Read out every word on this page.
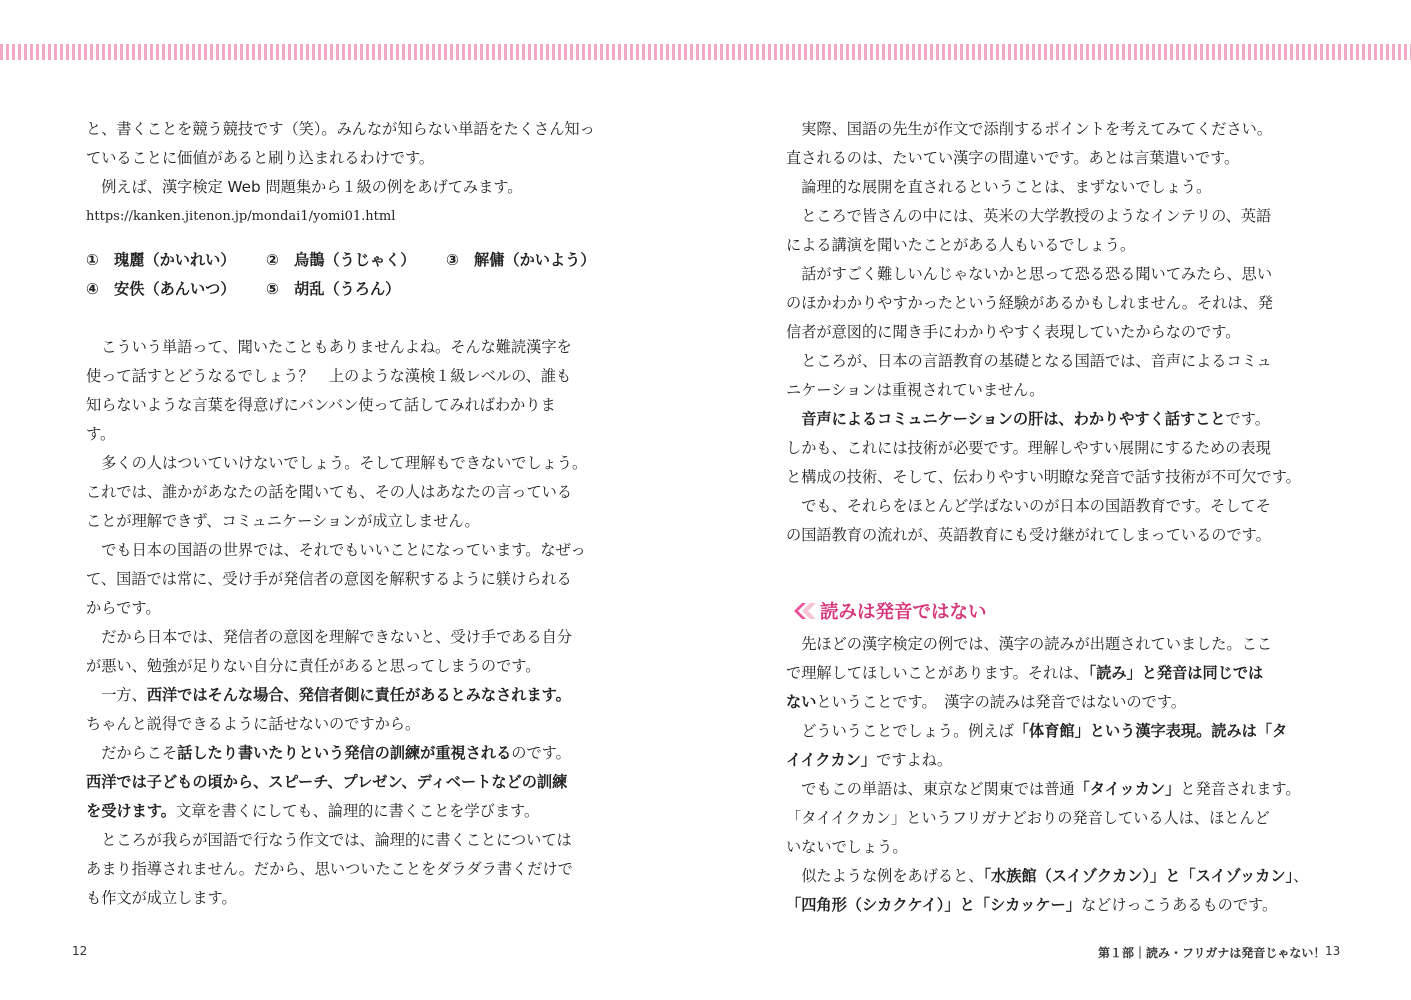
と、書くことを競う競技です（笑）。みんなが知らない単語をたくさん知っ

ていることに価値があると刷り込まれるわけです。

　例えば、漢字検定 Web 問題集から１級の例をあげてみます。

https://kanken.jitenon.jp/mondai1/yomi01.html

①　瑰麗（かいれい） ②　烏鵲（うじゃく） ③　解傭（かいよう）

④　安佚（あんいつ） ⑤　胡乱（うろん）

　こういう単語って、聞いたこともありませんよね。そんな難読漢字を

使って話すとどうなるでしょう？　上のような漢検１級レベルの、誰も

知らないような言葉を得意げにバンバン使って話してみればわかりま

す。

　多くの人はついていけないでしょう。そして理解もできないでしょう。

これでは、誰かがあなたの話を聞いても、その人はあなたの言っている

ことが理解できず、コミュニケーションが成立しません。

　でも日本の国語の世界では、それでもいいことになっています。なぜっ

て、国語では常に、受け手が発信者の意図を解釈するように躾けられる

からです。

　だから日本では、発信者の意図を理解できないと、受け手である自分

が悪い、勉強が足りない自分に責任があると思ってしまうのです。

　一方、西洋ではそんな場合、発信者側に責任があるとみなされます。

ちゃんと説得できるように話せないのですから。

　だからこそ話したり書いたりという発信の訓練が重視されるのです。

西洋では子どもの頃から、スピーチ、プレゼン、ディベートなどの訓練

を受けます。文章を書くにしても、論理的に書くことを学びます。

　ところが我らが国語で行なう作文では、論理的に書くことについては

あまり指導されません。だから、思いついたことをダラダラ書くだけで

も作文が成立します。

12

　実際、国語の先生が作文で添削するポイントを考えてみてください。

直されるのは、たいてい漢字の間違いです。あとは言葉遣いです。

　論理的な展開を直されるということは、まずないでしょう。

　ところで皆さんの中には、英米の大学教授のようなインテリの、英語

による講演を聞いたことがある人もいるでしょう。

　話がすごく難しいんじゃないかと思って恐る恐る聞いてみたら、思い

のほかわかりやすかったという経験があるかもしれません。それは、発

信者が意図的に聞き手にわかりやすく表現していたからなのです。

　ところが、日本の言語教育の基礎となる国語では、音声によるコミュ

ニケーションは重視されていません。

　音声によるコミュニケーションの肝は、わかりやすく話すことです。

しかも、これには技術が必要です。理解しやすい展開にするための表現

と構成の技術、そして、伝わりやすい明瞭な発音で話す技術が不可欠です。

　でも、それらをほとんど学ばないのが日本の国語教育です。そしてそ

の国語教育の流れが、英語教育にも受け継がれてしまっているのです。

読みは発音ではない

　先ほどの漢字検定の例では、漢字の読みが出題されていました。ここ

で理解してほしいことがあります。それは、「読み」と発音は同じでは

ないということです。　漢字の読みは発音ではないのです。

　どういうことでしょう。例えば「体育館」という漢字表現。読みは「タ

イイクカン」ですよね。

　でもこの単語は、東京など関東では普通「タイッカン」と発音されます。

「タイイクカン」というフリガナどおりの発音している人は、ほとんど

いないでしょう。

　似たような例をあげると、「水族館（スイゾクカン）」と「スイゾッカン」、

「四角形（シカクケイ）」と「シカッケー」などけっこうあるものです。

第１部｜読み・フリガナは発音じゃない！ 13
